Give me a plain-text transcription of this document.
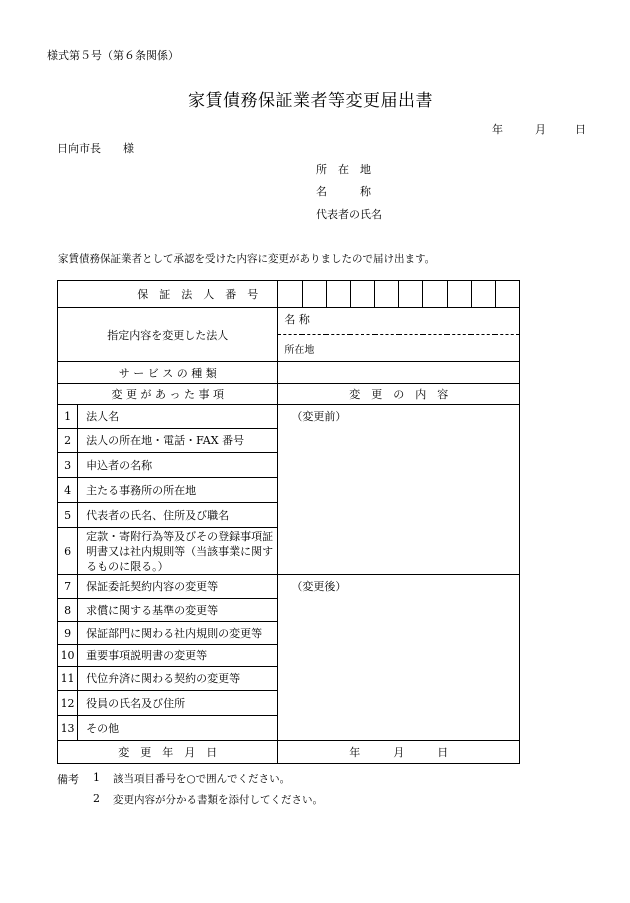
様式第５号（第６条関係）
家賃債務保証業者等変更届出書
年	月	日
日向市長　　様
所　在　地
名　　　称
代表者の氏名
家賃債務保証業者として承認を受けた内容に変更がありましたので届け出ます。
保　証　法　人　番　号											
指定内容を変更した法人		名 称									
		所在地									
サ ー ビ ス の 種 類											
変 更 が あ っ た 事 項		変　更　の　内　容									
1	法人名	（変更前）									
2	法人の所在地・電話・FAX 番号										
3	申込者の名称										
4	主たる事務所の所在地										
5	代表者の氏名、住所及び職名										
6	定款・寄附行為等及びその登録事項証明書又は社内規則等（当該事業に関するものに限る。）										
7	保証委託契約内容の変更等	（変更後）									
8	求償に関する基準の変更等										
9	保証部門に関わる社内規則の変更等										
10	重要事項説明書の変更等										
11	代位弁済に関わる契約の変更等										
12	役員の氏名及び住所										
13	その他										
変　更　年　月　日		年　　　月　　　日									
備考 1 該当項目番号を○で囲んでください。
2 変更内容が分かる書類を添付してください。
